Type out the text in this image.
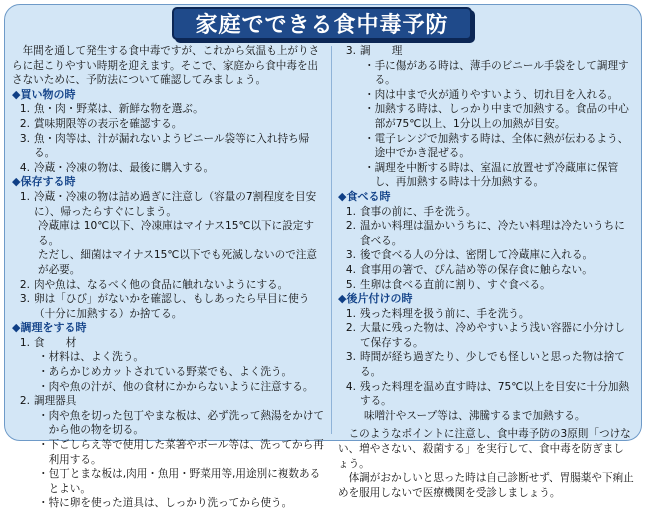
家庭でできる食中毒予防
年間を通して発生する食中毒ですが、これから気温も上がりさらに起こりやすい時期を迎えます。そこで、家庭から食中毒を出さないために、予防法について確認してみましょう。
◆買い物の時
1. 魚・肉・野菜は、新鮮な物を選ぶ。
2. 賞味期限等の表示を確認する。
3. 魚・肉等は、汁が漏れないようビニール袋等に入れ持ち帰る。
4. 冷蔵・冷凍の物は、最後に購入する。
◆保存する時
1. 冷蔵・冷凍の物は詰め過ぎに注意し（容量の7割程度を目安に）、帰ったらすぐにしまう。
冷蔵庫は 10℃以下、冷凍庫はマイナス15℃以下に設定する。
ただし、細菌はマイナス15℃以下でも死滅しないので注意が必要。
2. 肉や魚は、なるべく他の食品に触れないようにする。
3. 卵は「ひび」がないかを確認し、もしあったら早目に使う（十分に加熱する）か捨てる。
◆調理をする時
1. 食　　材
・ 材料は、よく洗う。
・ あらかじめカットされている野菜でも、よく洗う。
・ 肉や魚の汁が、他の食材にかからないように注意する。
2. 調理器具
・ 肉や魚を切った包丁やまな板は、必ず洗って熱湯をかけてから他の物を切る。
・ 下ごしらえ等で使用した菜箸やボール等は、洗ってから再利用する。
・ 包丁とまな板は,肉用・魚用・野菜用等,用途別に複数あるとよい。
・ 特に卵を使った道具は、しっかり洗ってから使う。
3. 調　　理
・ 手に傷がある時は、薄手のビニール手袋をして調理する。
・ 肉は中まで火が通りやすいよう、切れ目を入れる。
・ 加熱する時は、しっかり中まで加熱する。食品の中心部が75℃以上、1分以上の加熱が目安。
・ 電子レンジで加熱する時は、全体に熱が伝わるよう、途中でかき混ぜる。
・ 調理を中断する時は、室温に放置せず冷蔵庫に保管し、再加熱する時は十分加熱する。
◆食べる時
1. 食事の前に、手を洗う。
2. 温かい料理は温かいうちに、冷たい料理は冷たいうちに食べる。
3. 後で食べる人の分は、密閉して冷蔵庫に入れる。
4. 食事用の箸で、ぴん詰め等の保存食に触らない。
5. 生卵は食べる直前に割り、すぐ食べる。
◆後片付けの時
1. 残った料理を扱う前に、手を洗う。
2. 大量に残った物は、冷めやすいよう浅い容器に小分けして保存する。
3. 時間が経ち過ぎたり、少しでも怪しいと思った物は捨てる。
4. 残った料理を温め直す時は、75℃以上を目安に十分加熱する。
味噌汁やスープ等は、沸騰するまで加熱する。
このようなポイントに注意し、食中毒予防の3原則「つけない、増やさない、殺菌する」を実行して、食中毒を防ぎましょう。
体調がおかしいと思った時は自己診断せず、胃腸薬や下痢止めを服用しないで医療機関を受診しましょう。
